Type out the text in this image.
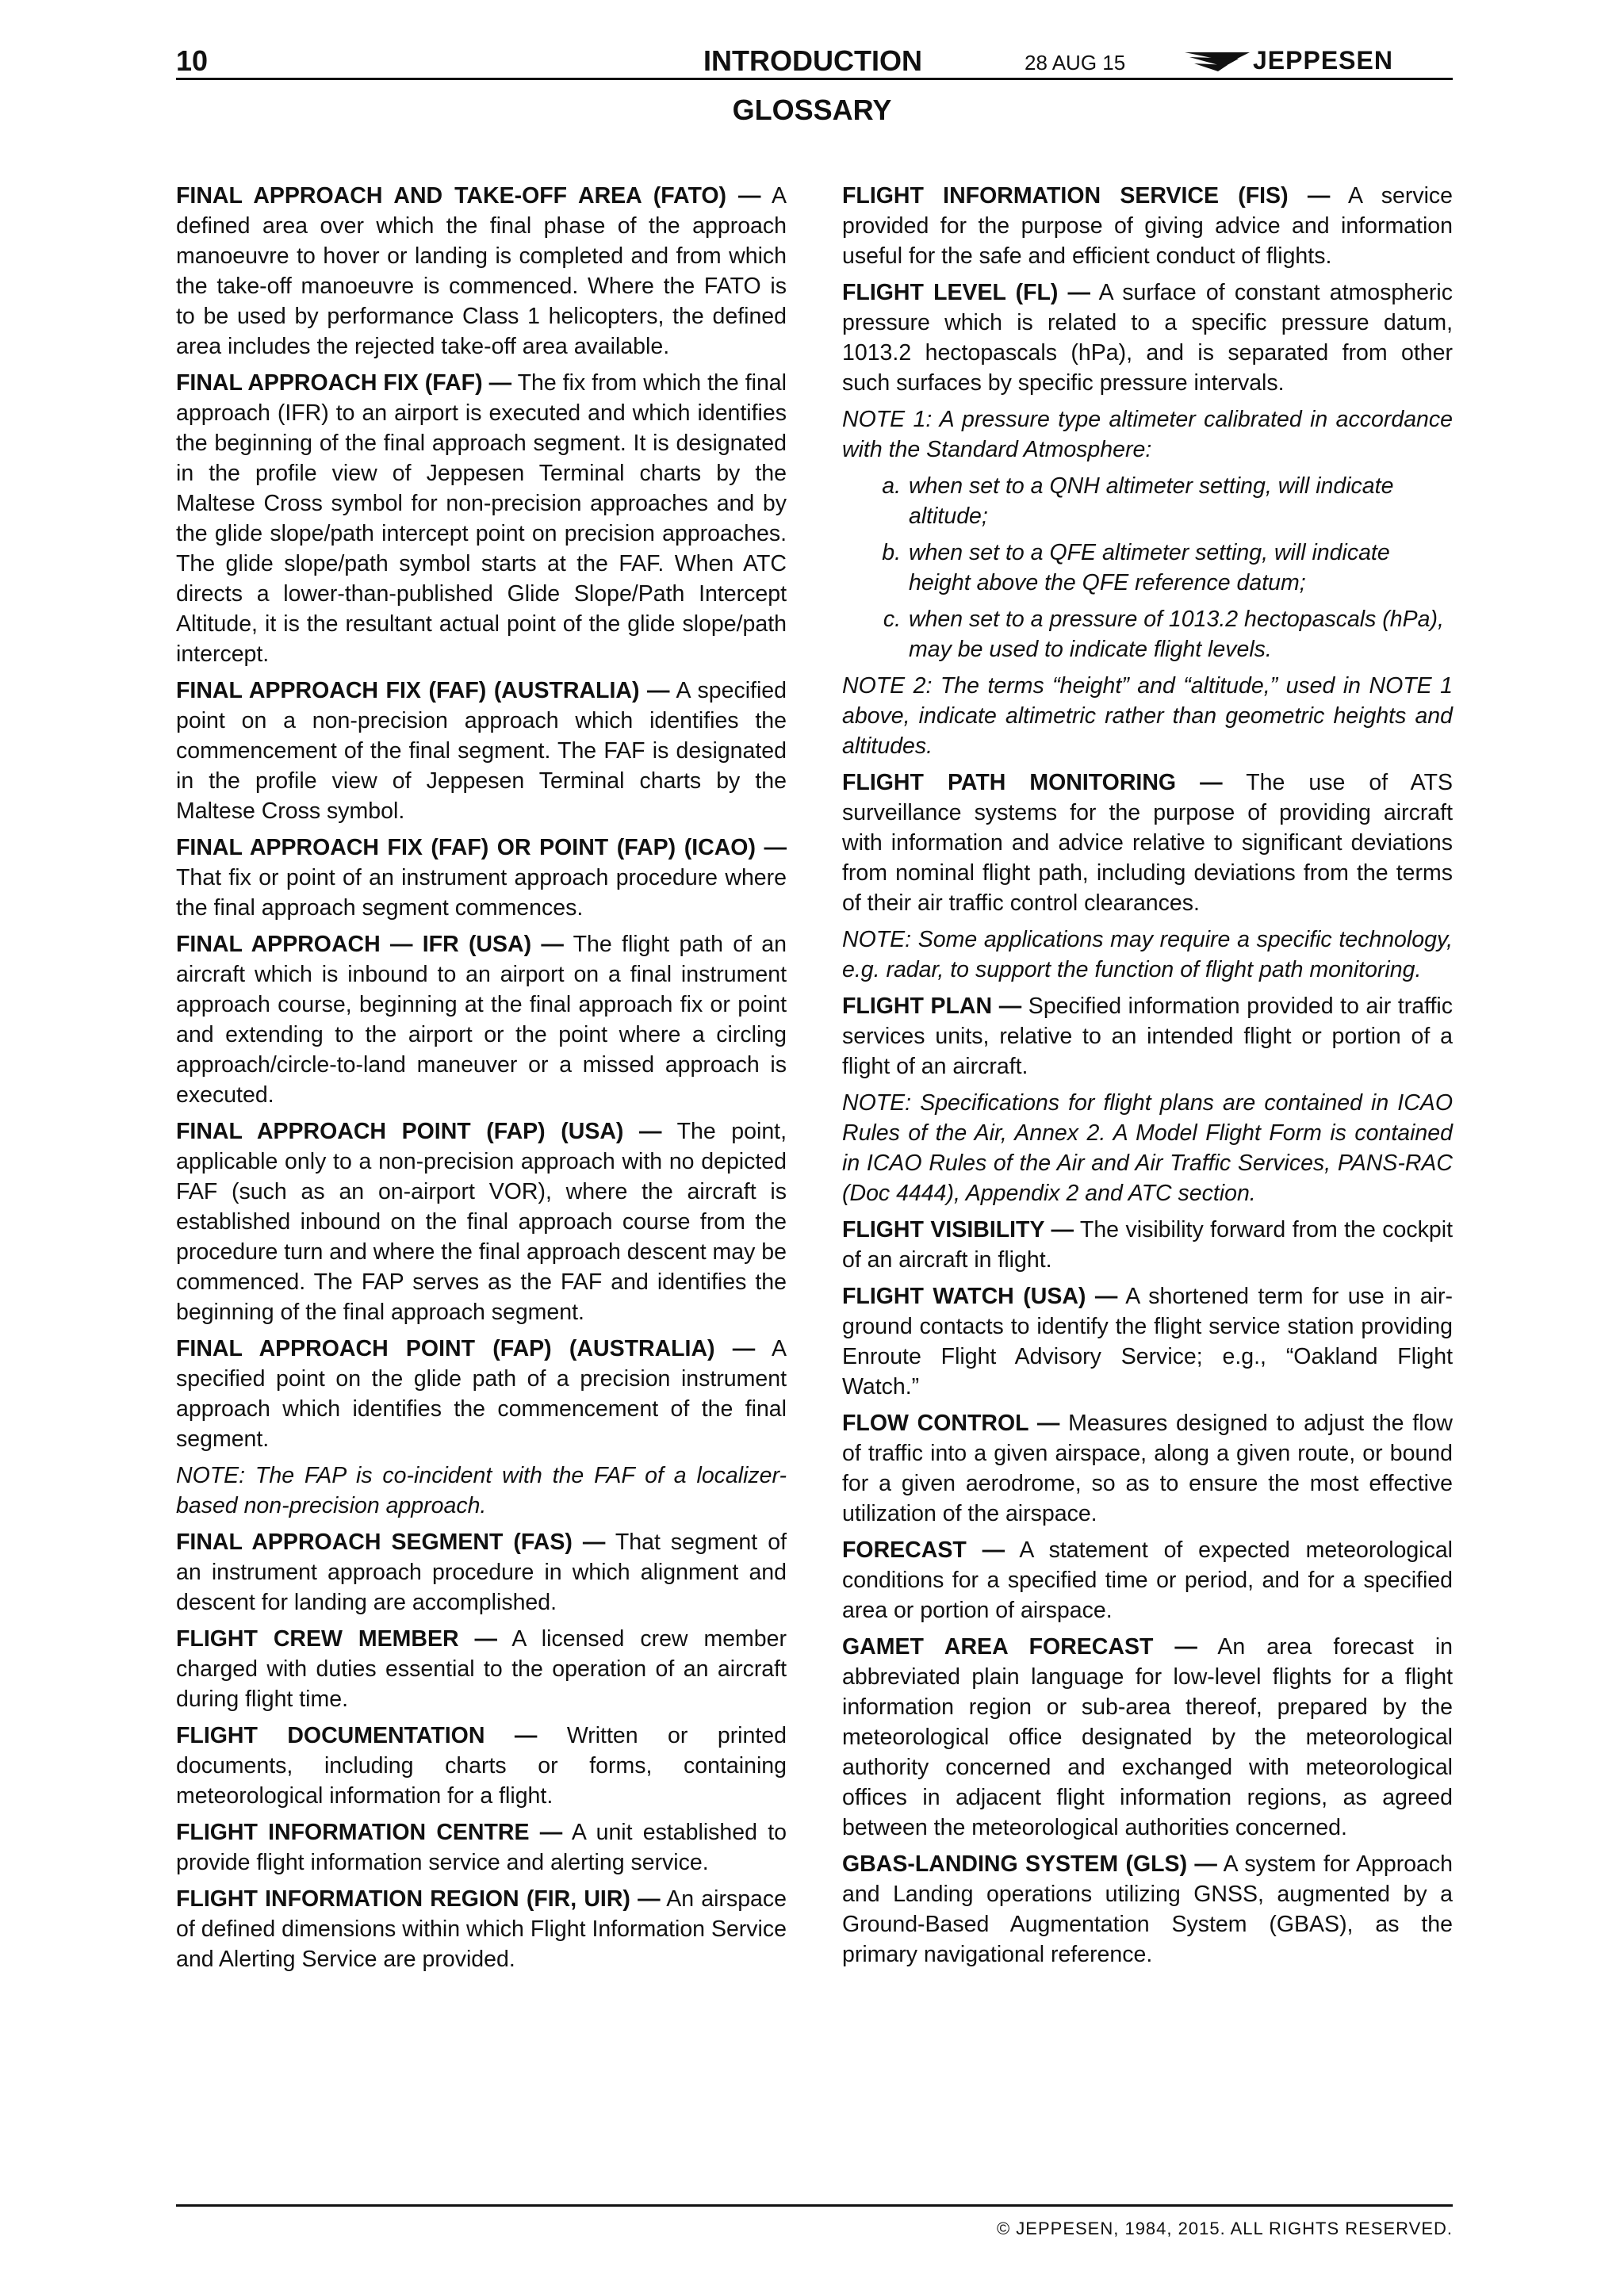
10	INTRODUCTION	28 AUG 15	JEPPESEN
GLOSSARY

FINAL APPROACH AND TAKE-OFF AREA (FATO) — A defined area over which the final phase of the approach manoeuvre to hover or landing is completed and from which the take-off manoeuvre is commenced. Where the FATO is to be used by performance Class 1 helicopters, the defined area includes the rejected take-off area available.

FINAL APPROACH FIX (FAF) — The fix from which the final approach (IFR) to an airport is executed and which identifies the beginning of the final approach segment. It is designated in the profile view of Jeppesen Terminal charts by the Maltese Cross symbol for non-precision approaches and by the glide slope/path intercept point on precision approaches. The glide slope/path symbol starts at the FAF. When ATC directs a lower-than-published Glide Slope/Path Intercept Altitude, it is the resultant actual point of the glide slope/path intercept.

FINAL APPROACH FIX (FAF) (AUSTRALIA) — A specified point on a non-precision approach which identifies the commencement of the final segment. The FAF is designated in the profile view of Jeppesen Terminal charts by the Maltese Cross symbol.

FINAL APPROACH FIX (FAF) OR POINT (FAP) (ICAO) — That fix or point of an instrument approach procedure where the final approach segment commences.

FINAL APPROACH — IFR (USA) — The flight path of an aircraft which is inbound to an airport on a final instrument approach course, beginning at the final approach fix or point and extending to the airport or the point where a circling approach/circle-to-land maneuver or a missed approach is executed.

FINAL APPROACH POINT (FAP) (USA) — The point, applicable only to a non-precision approach with no depicted FAF (such as an on-airport VOR), where the aircraft is established inbound on the final approach course from the procedure turn and where the final approach descent may be commenced. The FAP serves as the FAF and identifies the beginning of the final approach segment.

FINAL APPROACH POINT (FAP) (AUSTRALIA) — A specified point on the glide path of a precision instrument approach which identifies the commencement of the final segment.

NOTE: The FAP is co-incident with the FAF of a localizer-based non-precision approach.

FINAL APPROACH SEGMENT (FAS) — That segment of an instrument approach procedure in which alignment and descent for landing are accomplished.

FLIGHT CREW MEMBER — A licensed crew member charged with duties essential to the operation of an aircraft during flight time.

FLIGHT DOCUMENTATION — Written or printed documents, including charts or forms, containing meteorological information for a flight.

FLIGHT INFORMATION CENTRE — A unit established to provide flight information service and alerting service.

FLIGHT INFORMATION REGION (FIR, UIR) — An airspace of defined dimensions within which Flight Information Service and Alerting Service are provided.

FLIGHT INFORMATION SERVICE (FIS) — A service provided for the purpose of giving advice and information useful for the safe and efficient conduct of flights.

FLIGHT LEVEL (FL) — A surface of constant atmospheric pressure which is related to a specific pressure datum, 1013.2 hectopascals (hPa), and is separated from other such surfaces by specific pressure intervals.

NOTE 1: A pressure type altimeter calibrated in accordance with the Standard Atmosphere:

a. when set to a QNH altimeter setting, will indicate altitude;
b. when set to a QFE altimeter setting, will indicate height above the QFE reference datum;
c. when set to a pressure of 1013.2 hectopascals (hPa), may be used to indicate flight levels.

NOTE 2: The terms “height” and “altitude,” used in NOTE 1 above, indicate altimetric rather than geometric heights and altitudes.

FLIGHT PATH MONITORING — The use of ATS surveillance systems for the purpose of providing aircraft with information and advice relative to significant deviations from nominal flight path, including deviations from the terms of their air traffic control clearances.

NOTE: Some applications may require a specific technology, e.g. radar, to support the function of flight path monitoring.

FLIGHT PLAN — Specified information provided to air traffic services units, relative to an intended flight or portion of a flight of an aircraft.

NOTE: Specifications for flight plans are contained in ICAO Rules of the Air, Annex 2. A Model Flight Form is contained in ICAO Rules of the Air and Air Traffic Services, PANS-RAC (Doc 4444), Appendix 2 and ATC section.

FLIGHT VISIBILITY — The visibility forward from the cockpit of an aircraft in flight.

FLIGHT WATCH (USA) — A shortened term for use in air-ground contacts to identify the flight service station providing Enroute Flight Advisory Service; e.g., “Oakland Flight Watch.”

FLOW CONTROL — Measures designed to adjust the flow of traffic into a given airspace, along a given route, or bound for a given aerodrome, so as to ensure the most effective utilization of the airspace.

FORECAST — A statement of expected meteorological conditions for a specified time or period, and for a specified area or portion of airspace.

GAMET AREA FORECAST — An area forecast in abbreviated plain language for low-level flights for a flight information region or sub-area thereof, prepared by the meteorological office designated by the meteorological authority concerned and exchanged with meteorological offices in adjacent flight information regions, as agreed between the meteorological authorities concerned.

GBAS-LANDING SYSTEM (GLS) — A system for Approach and Landing operations utilizing GNSS, augmented by a Ground-Based Augmentation System (GBAS), as the primary navigational reference.

© JEPPESEN, 1984, 2015. ALL RIGHTS RESERVED.
